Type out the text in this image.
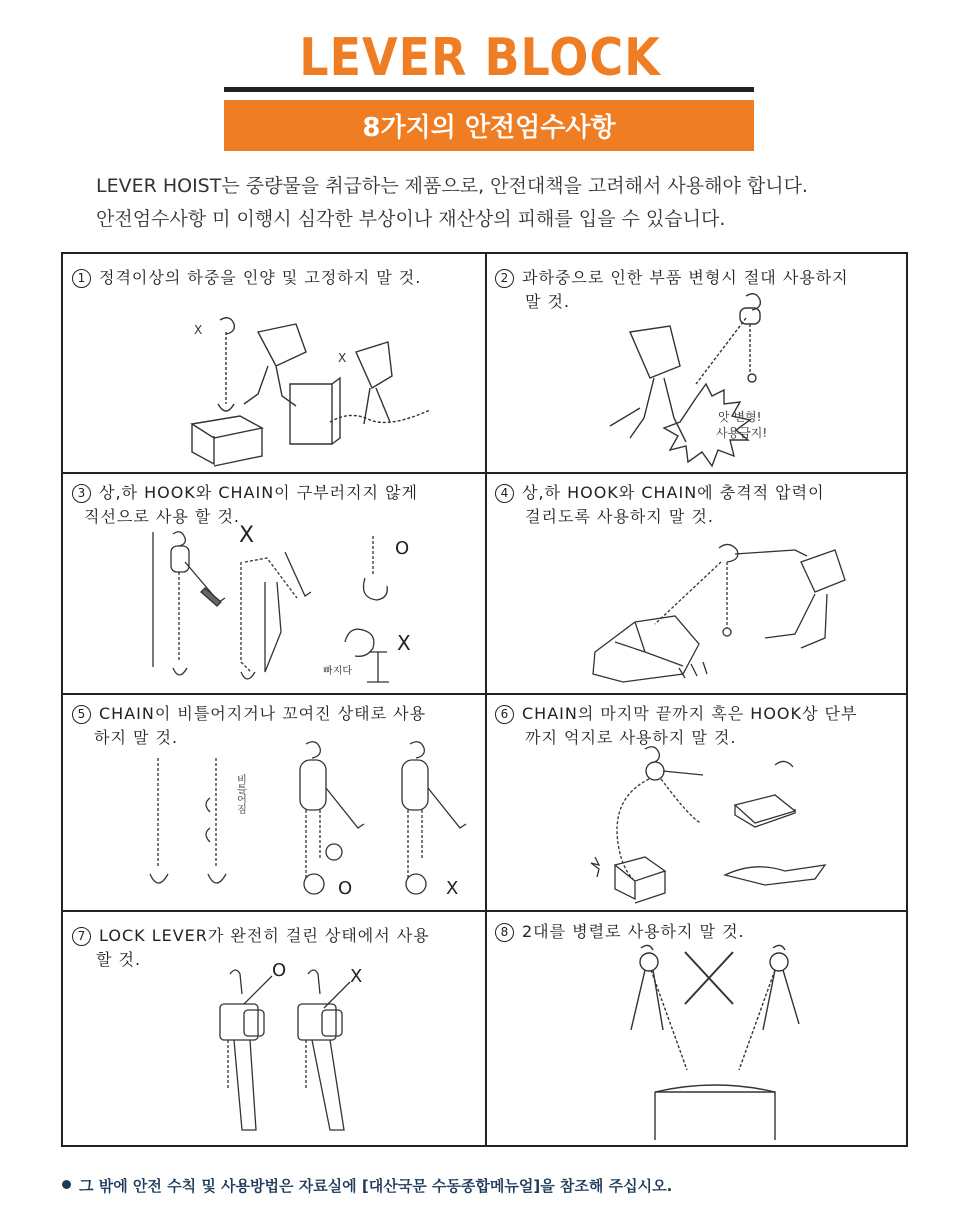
LEVER BLOCK
8가지의 안전엄수사항

LEVER HOIST는 중량물을 취급하는 제품으로, 안전대책을 고려해서 사용해야 합니다.

안전엄수사항 미 이행시 심각한 부상이나 재산상의 피해를 입을 수 있습니다.

1 정격이상의 하중을 인양 및 고정하지 말 것.
X
X
2 과하중으로 인한 부품 변형시 절대 사용하지
말 것.
앗 변형!
사용금지!
3 상,하 HOOK와 CHAIN이 구부러지지 않게
직선으로 사용 할 것.
X
O
X
빠지다
4 상,하 HOOK와 CHAIN에 충격적 압력이
걸리도록 사용하지 말 것.
5 CHAIN이 비틀어지거나 꼬여진 상태로 사용
하지 말 것.
비틀어짐
O	X
6 CHAIN의 마지막 끝까지 혹은 HOOK상 단부
까지 억지로 사용하지 말 것.
7 LOCK LEVER가 완전히 걸린 상태에서 사용
할 것.
O	X
8 2대를 병렬로 사용하지 말 것.
그 밖에 안전 수칙 및 사용방법은 자료실에 [대산국문 수동종합메뉴얼]을 참조해 주십시오.
